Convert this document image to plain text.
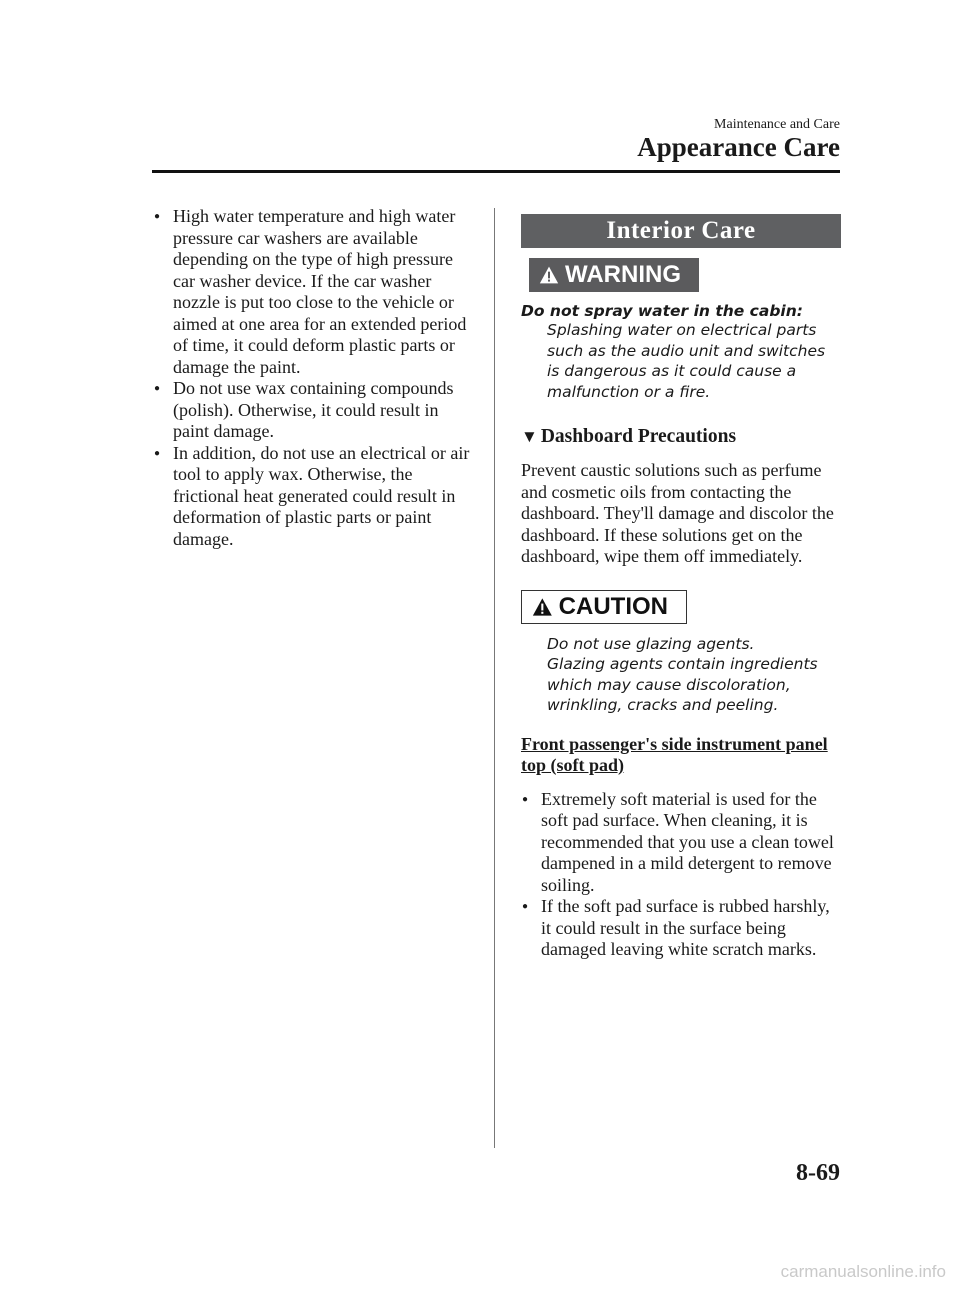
Maintenance and Care
Appearance Care
● High water temperature and high water pressure car washers are available depending on the type of high pressure car washer device. If the car washer nozzle is put too close to the vehicle or aimed at one area for an extended period of time, it could deform plastic parts or damage the paint.
● Do not use wax containing compounds (polish). Otherwise, it could result in paint damage.
● In addition, do not use an electrical or air tool to apply wax. Otherwise, the frictional heat generated could result in deformation of plastic parts or paint damage.
Interior Care
WARNING
Do not spray water in the cabin:
Splashing water on electrical parts such as the audio unit and switches is dangerous as it could cause a malfunction or a fire.
▼ Dashboard Precautions
Prevent caustic solutions such as perfume and cosmetic oils from contacting the dashboard. They'll damage and discolor the dashboard. If these solutions get on the dashboard, wipe them off immediately.
CAUTION
Do not use glazing agents.
Glazing agents contain ingredients which may cause discoloration, wrinkling, cracks and peeling.
Front passenger's side instrument panel top (soft pad)
● Extremely soft material is used for the soft pad surface. When cleaning, it is recommended that you use a clean towel dampened in a mild detergent to remove soiling.
● If the soft pad surface is rubbed harshly, it could result in the surface being damaged leaving white scratch marks.
8-69
carmanualsonline.info
